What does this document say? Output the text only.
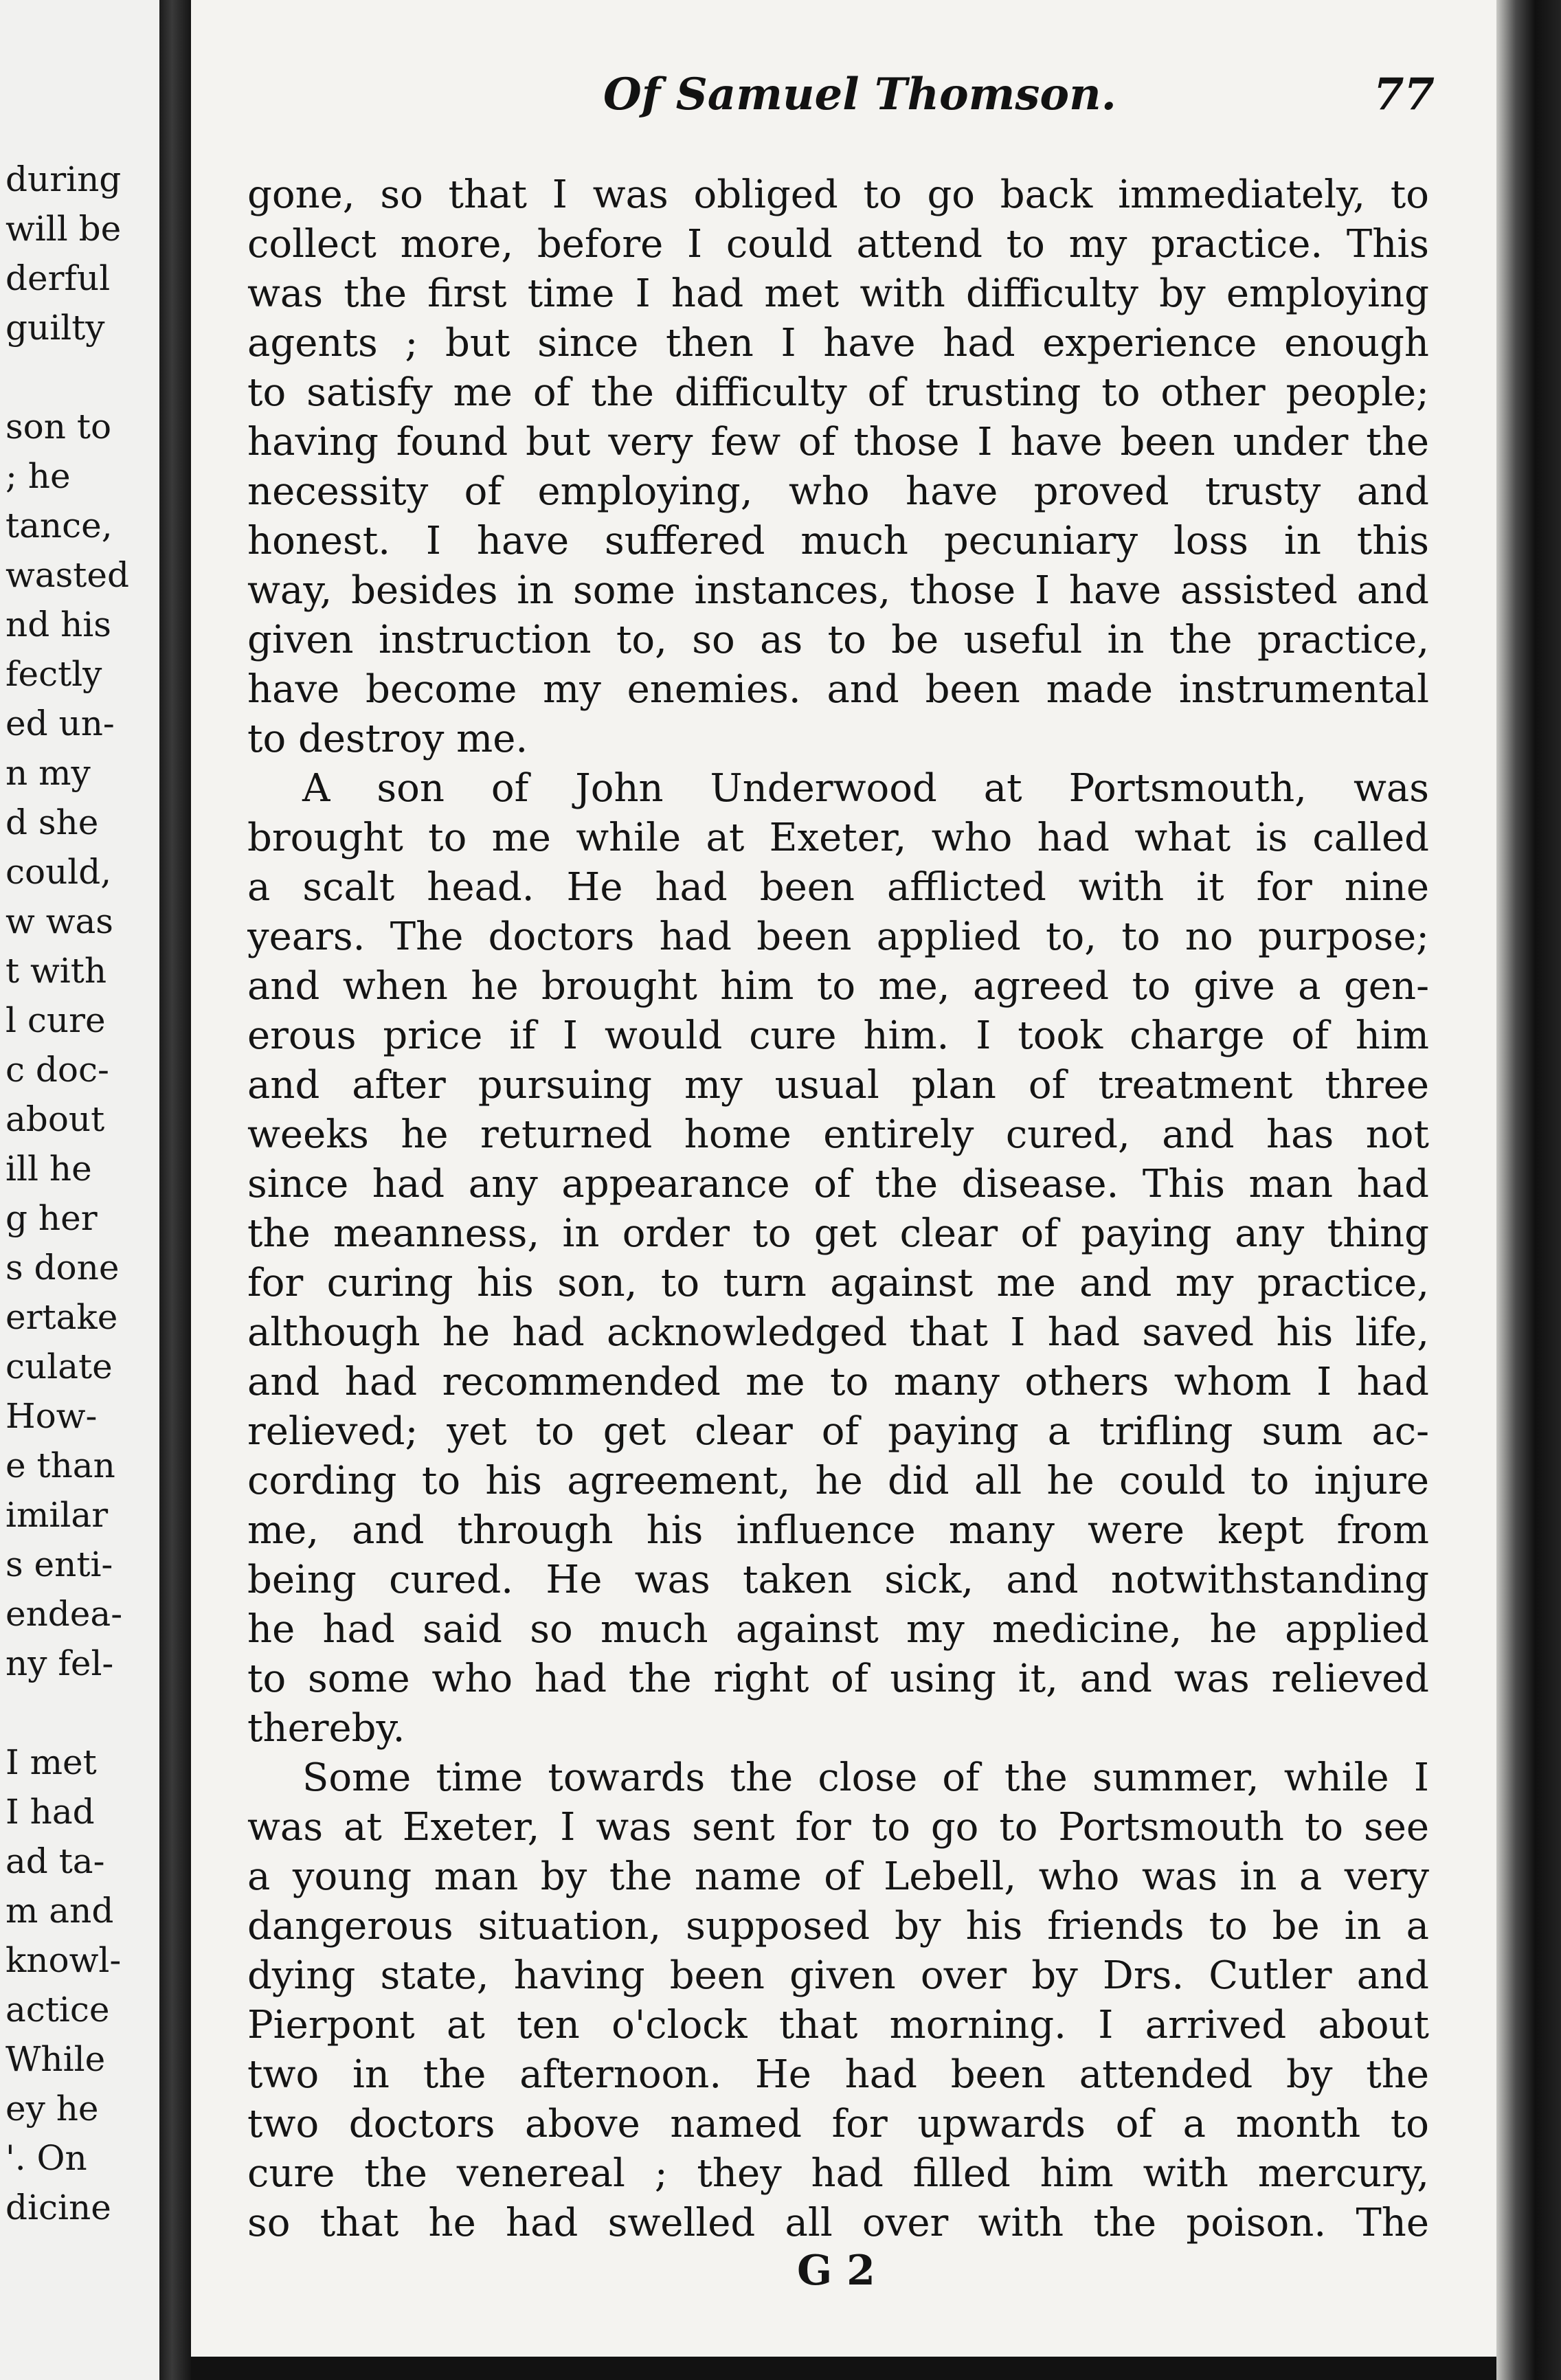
during
will be
derful
guilty
son to
; he
tance,
wasted
nd his
fectly
ed un-
n my
d she
could,
w was
t with
l cure
c doc-
about
ill he
g her
s done
ertake
culate
How-
e than
imilar
s enti-
endea-
ny fel-
I met
I had
ad ta-
m and
knowl-
actice
While
ey he
'. On
dicine
Of Samuel Thomson.	77
gone, so that I was obliged to go back immediately, to
collect more, before I could attend to my practice. This
was the first time I had met with difficulty by employing
agents ; but since then I have had experience enough
to satisfy me of the difficulty of trusting to other people;
having found but very few of those I have been under the
necessity of employing, who have proved trusty and
honest. I have suffered much pecuniary loss in this
way, besides in some instances, those I have assisted and
given instruction to, so as to be useful in the practice,
have become my enemies. and been made instrumental
to destroy me.
A son of John Underwood at Portsmouth, was
brought to me while at Exeter, who had what is called
a scalt head. He had been afflicted with it for nine
years. The doctors had been applied to, to no purpose;
and when he brought him to me, agreed to give a gen-
erous price if I would cure him. I took charge of him
and after pursuing my usual plan of treatment three
weeks he returned home entirely cured, and has not
since had any appearance of the disease. This man had
the meanness, in order to get clear of paying any thing
for curing his son, to turn against me and my practice,
although he had acknowledged that I had saved his life,
and had recommended me to many others whom I had
relieved; yet to get clear of paying a trifling sum ac-
cording to his agreement, he did all he could to injure
me, and through his influence many were kept from
being cured. He was taken sick, and notwithstanding
he had said so much against my medicine, he applied
to some who had the right of using it, and was relieved
thereby.
Some time towards the close of the summer, while I
was at Exeter, I was sent for to go to Portsmouth to see
a young man by the name of Lebell, who was in a very
dangerous situation, supposed by his friends to be in a
dying state, having been given over by Drs. Cutler and
Pierpont at ten o'clock that morning. I arrived about
two in the afternoon. He had been attended by the
two doctors above named for upwards of a month to
cure the venereal ; they had filled him with mercury,
so that he had swelled all over with the poison. The
G 2
